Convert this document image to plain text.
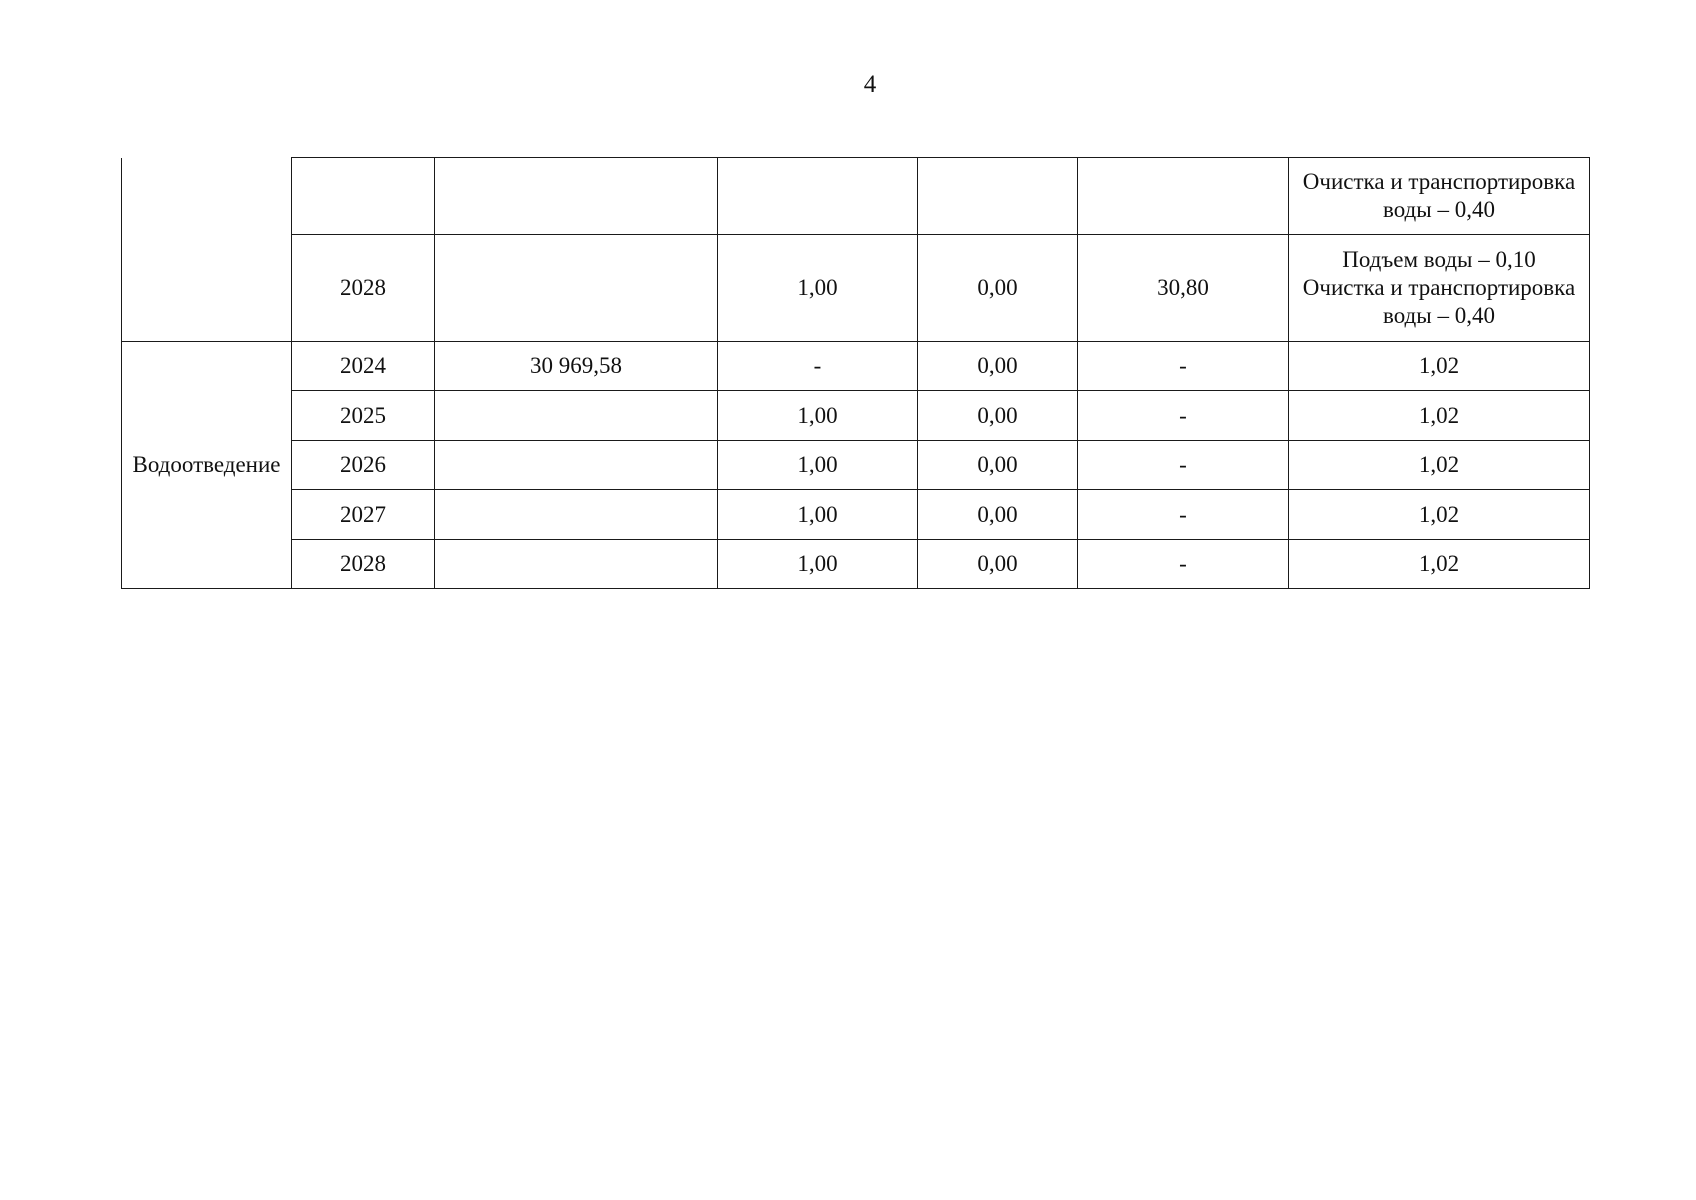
4

						Очистка и транспортировка
воды – 0,40

	2028		1,00	0,00	30,80	Подъем воды – 0,10
Очистка и транспортировка
воды – 0,40

Водоотведение	2024	30 969,58	-	0,00	-	1,02
	2025		1,00	0,00	-	1,02
	2026		1,00	0,00	-	1,02
	2027		1,00	0,00	-	1,02
	2028		1,00	0,00	-	1,02
